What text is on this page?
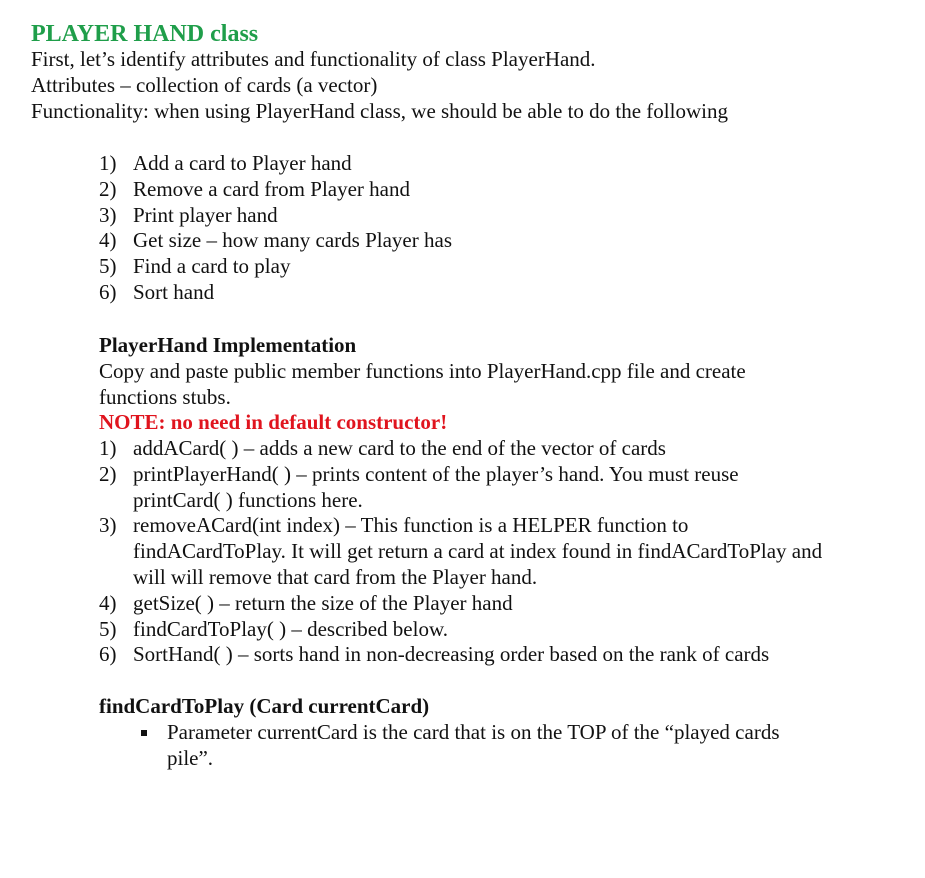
PLAYER HAND class
First, let’s identify attributes and functionality of class PlayerHand.
Attributes – collection of cards (a vector)
Functionality: when using PlayerHand class, we should be able to do the following
1) Add a card to Player hand
2) Remove a card from Player hand
3) Print player hand
4) Get size – how many cards Player has
5) Find a card to play
6) Sort hand
PlayerHand Implementation
Copy and paste public member functions into PlayerHand.cpp file and create
functions stubs.
NOTE: no need in default constructor!
1) addACard( ) – adds a new card to the end of the vector of cards
2) printPlayerHand( ) – prints content of the player’s hand. You must reuse
printCard( ) functions here.
3) removeACard(int index) – This function is a HELPER function to
findACardToPlay. It will get return a card at index found in findACardToPlay and
will will remove that card from the Player hand.
4) getSize( ) – return the size of the Player hand
5) findCardToPlay( ) – described below.
6) SortHand( ) – sorts hand in non-decreasing order based on the rank of cards
findCardToPlay (Card currentCard)
Parameter currentCard is the card that is on the TOP of the “played cards
pile”.
